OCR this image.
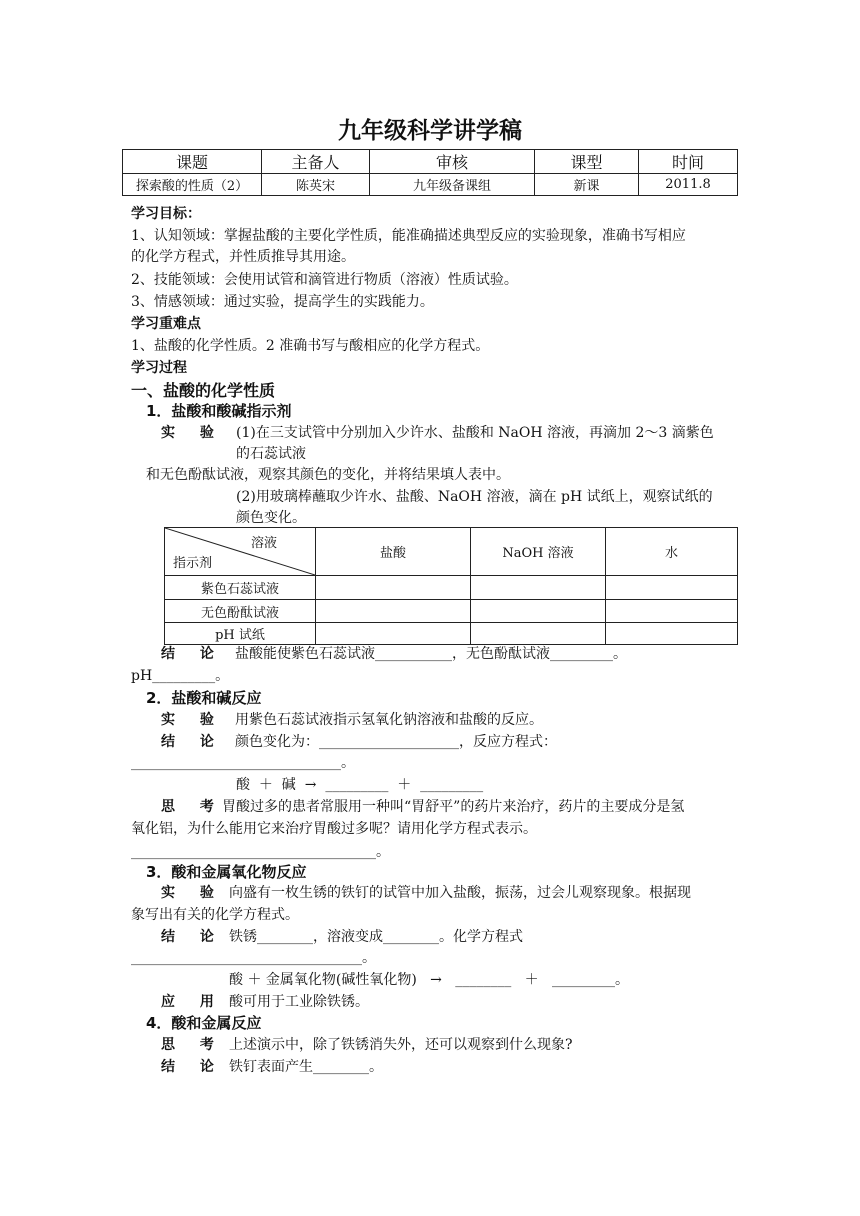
九年级科学讲学稿
课题	主备人	审核	课型	时间
探索酸的性质（2）	陈英宋	九年级备课组	新课	2011.8
学习目标：
1、认知领域：掌握盐酸的主要化学性质，能准确描述典型反应的实验现象，准确书写相应
的化学方程式，并性质推导其用途。
2、技能领域：会使用试管和滴管进行物质（溶液）性质试验。
3、情感领域：通过实验，提高学生的实践能力。
学习重难点
1、盐酸的化学性质。2 准确书写与酸相应的化学方程式。
学习过程
一、盐酸的化学性质
1．盐酸和酸碱指示剂
实 验 (1)在三支试管中分别加入少许水、盐酸和 NaOH 溶液，再滴加 2～3 滴紫色
的石蕊试液
和无色酚酞试液，观察其颜色的变化，并将结果填人表中。
(2)用玻璃棒蘸取少许水、盐酸、NaOH 溶液，滴在 pH 试纸上，观察试纸的
颜色变化。
溶液
指示剂	盐酸	NaOH 溶液	水
紫色石蕊试液			
无色酚酞试液			
pH 试纸			
结 论 盐酸能使紫色石蕊试液___________，无色酚酞试液_________。
pH_________。
2．盐酸和碱反应
实 验 用紫色石蕊试液指示氢氧化钠溶液和盐酸的反应。
结 论 颜色变化为：____________________，反应方程式：
______________________________。
酸  ＋  碱  →  _________  ＋  _________
思 考胃酸过多的患者常服用一种叫“胃舒平”的药片来治疗，药片的主要成分是氢
氧化铝，为什么能用它来治疗胃酸过多呢？请用化学方程式表示。
___________________________________。
3．酸和金属氧化物反应
实 验 向盛有一枚生锈的铁钉的试管中加入盐酸，振荡，过会儿观察现象。根据现
象写出有关的化学方程式。
结 论 铁锈________，溶液变成________。化学方程式
_________________________________。
酸 ＋ 金属氧化物(碱性氧化物)   →   ________   ＋   _________。
应 用 酸可用于工业除铁锈。
4．酸和金属反应
思 考 上述演示中，除了铁锈消失外，还可以观察到什么现象?
结 论 铁钉表面产生________。
